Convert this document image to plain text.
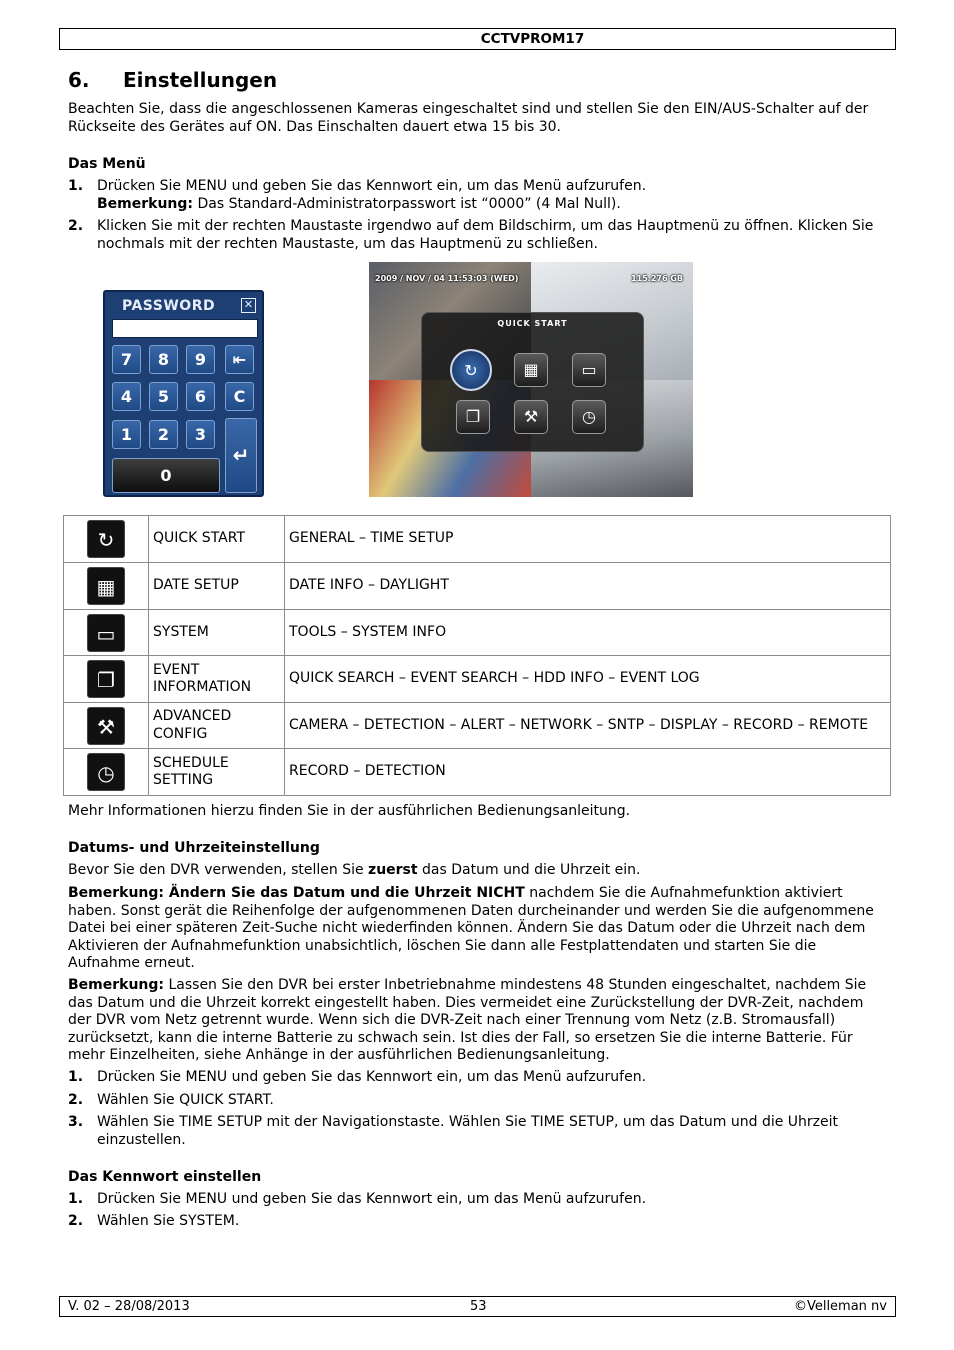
CCTVPROM17
6. Einstellungen
Beachten Sie, dass die angeschlossenen Kameras eingeschaltet sind und stellen Sie den EIN/AUS-Schalter auf der Rückseite des Gerätes auf ON. Das Einschalten dauert etwa 15 bis 30.
Das Menü
1. Drücken Sie MENU und geben Sie das Kennwort ein, um das Menü aufzurufen.
Bemerkung: Das Standard-Administratorpasswort ist “0000” (4 Mal Null).
2. Klicken Sie mit der rechten Maustaste irgendwo auf dem Bildschirm, um das Hauptmenü zu öffnen. Klicken Sie nochmals mit der rechten Maustaste, um das Hauptmenü zu schließen.
PASSWORD	✕
7	8	9	⇤
4	5	6	C
1	2	3
↵
0
2009 / NOV / 04 11:53:03 (WED)	115.276 GB
QUICK START
↻	▦	▭
❐	⚒	◷
↻	QUICK START	GENERAL – TIME SETUP
▦	DATE SETUP	DATE INFO – DAYLIGHT
▭	SYSTEM	TOOLS – SYSTEM INFO
❐	EVENT INFORMATION	QUICK SEARCH – EVENT SEARCH – HDD INFO – EVENT LOG
⚒	ADVANCED CONFIG	CAMERA – DETECTION – ALERT – NETWORK – SNTP – DISPLAY – RECORD – REMOTE
◷	SCHEDULE SETTING	RECORD – DETECTION
Mehr Informationen hierzu finden Sie in der ausführlichen Bedienungsanleitung.
Datums- und Uhrzeiteinstellung
Bevor Sie den DVR verwenden, stellen Sie zuerst das Datum und die Uhrzeit ein.
Bemerkung: Ändern Sie das Datum und die Uhrzeit NICHT nachdem Sie die Aufnahmefunktion aktiviert haben. Sonst gerät die Reihenfolge der aufgenommenen Daten durcheinander und werden Sie die aufgenommene Datei bei einer späteren Zeit-Suche nicht wiederfinden können. Ändern Sie das Datum oder die Uhrzeit nach dem Aktivieren der Aufnahmefunktion unabsichtlich, löschen Sie dann alle Festplattendaten und starten Sie die Aufnahme erneut.
Bemerkung: Lassen Sie den DVR bei erster Inbetriebnahme mindestens 48 Stunden eingeschaltet, nachdem Sie das Datum und die Uhrzeit korrekt eingestellt haben. Dies vermeidet eine Zurückstellung der DVR-Zeit, nachdem der DVR vom Netz getrennt wurde. Wenn sich die DVR-Zeit nach einer Trennung vom Netz (z.B. Stromausfall) zurücksetzt, kann die interne Batterie zu schwach sein. Ist dies der Fall, so ersetzen Sie die interne Batterie. Für mehr Einzelheiten, siehe Anhänge in der ausführlichen Bedienungsanleitung.
1. Drücken Sie MENU und geben Sie das Kennwort ein, um das Menü aufzurufen.
2. Wählen Sie QUICK START.
3. Wählen Sie TIME SETUP mit der Navigationstaste. Wählen Sie TIME SETUP, um das Datum und die Uhrzeit einzustellen.
Das Kennwort einstellen
1. Drücken Sie MENU und geben Sie das Kennwort ein, um das Menü aufzurufen.
2. Wählen Sie SYSTEM.
V. 02 – 28/08/2013	53	©Velleman nv
